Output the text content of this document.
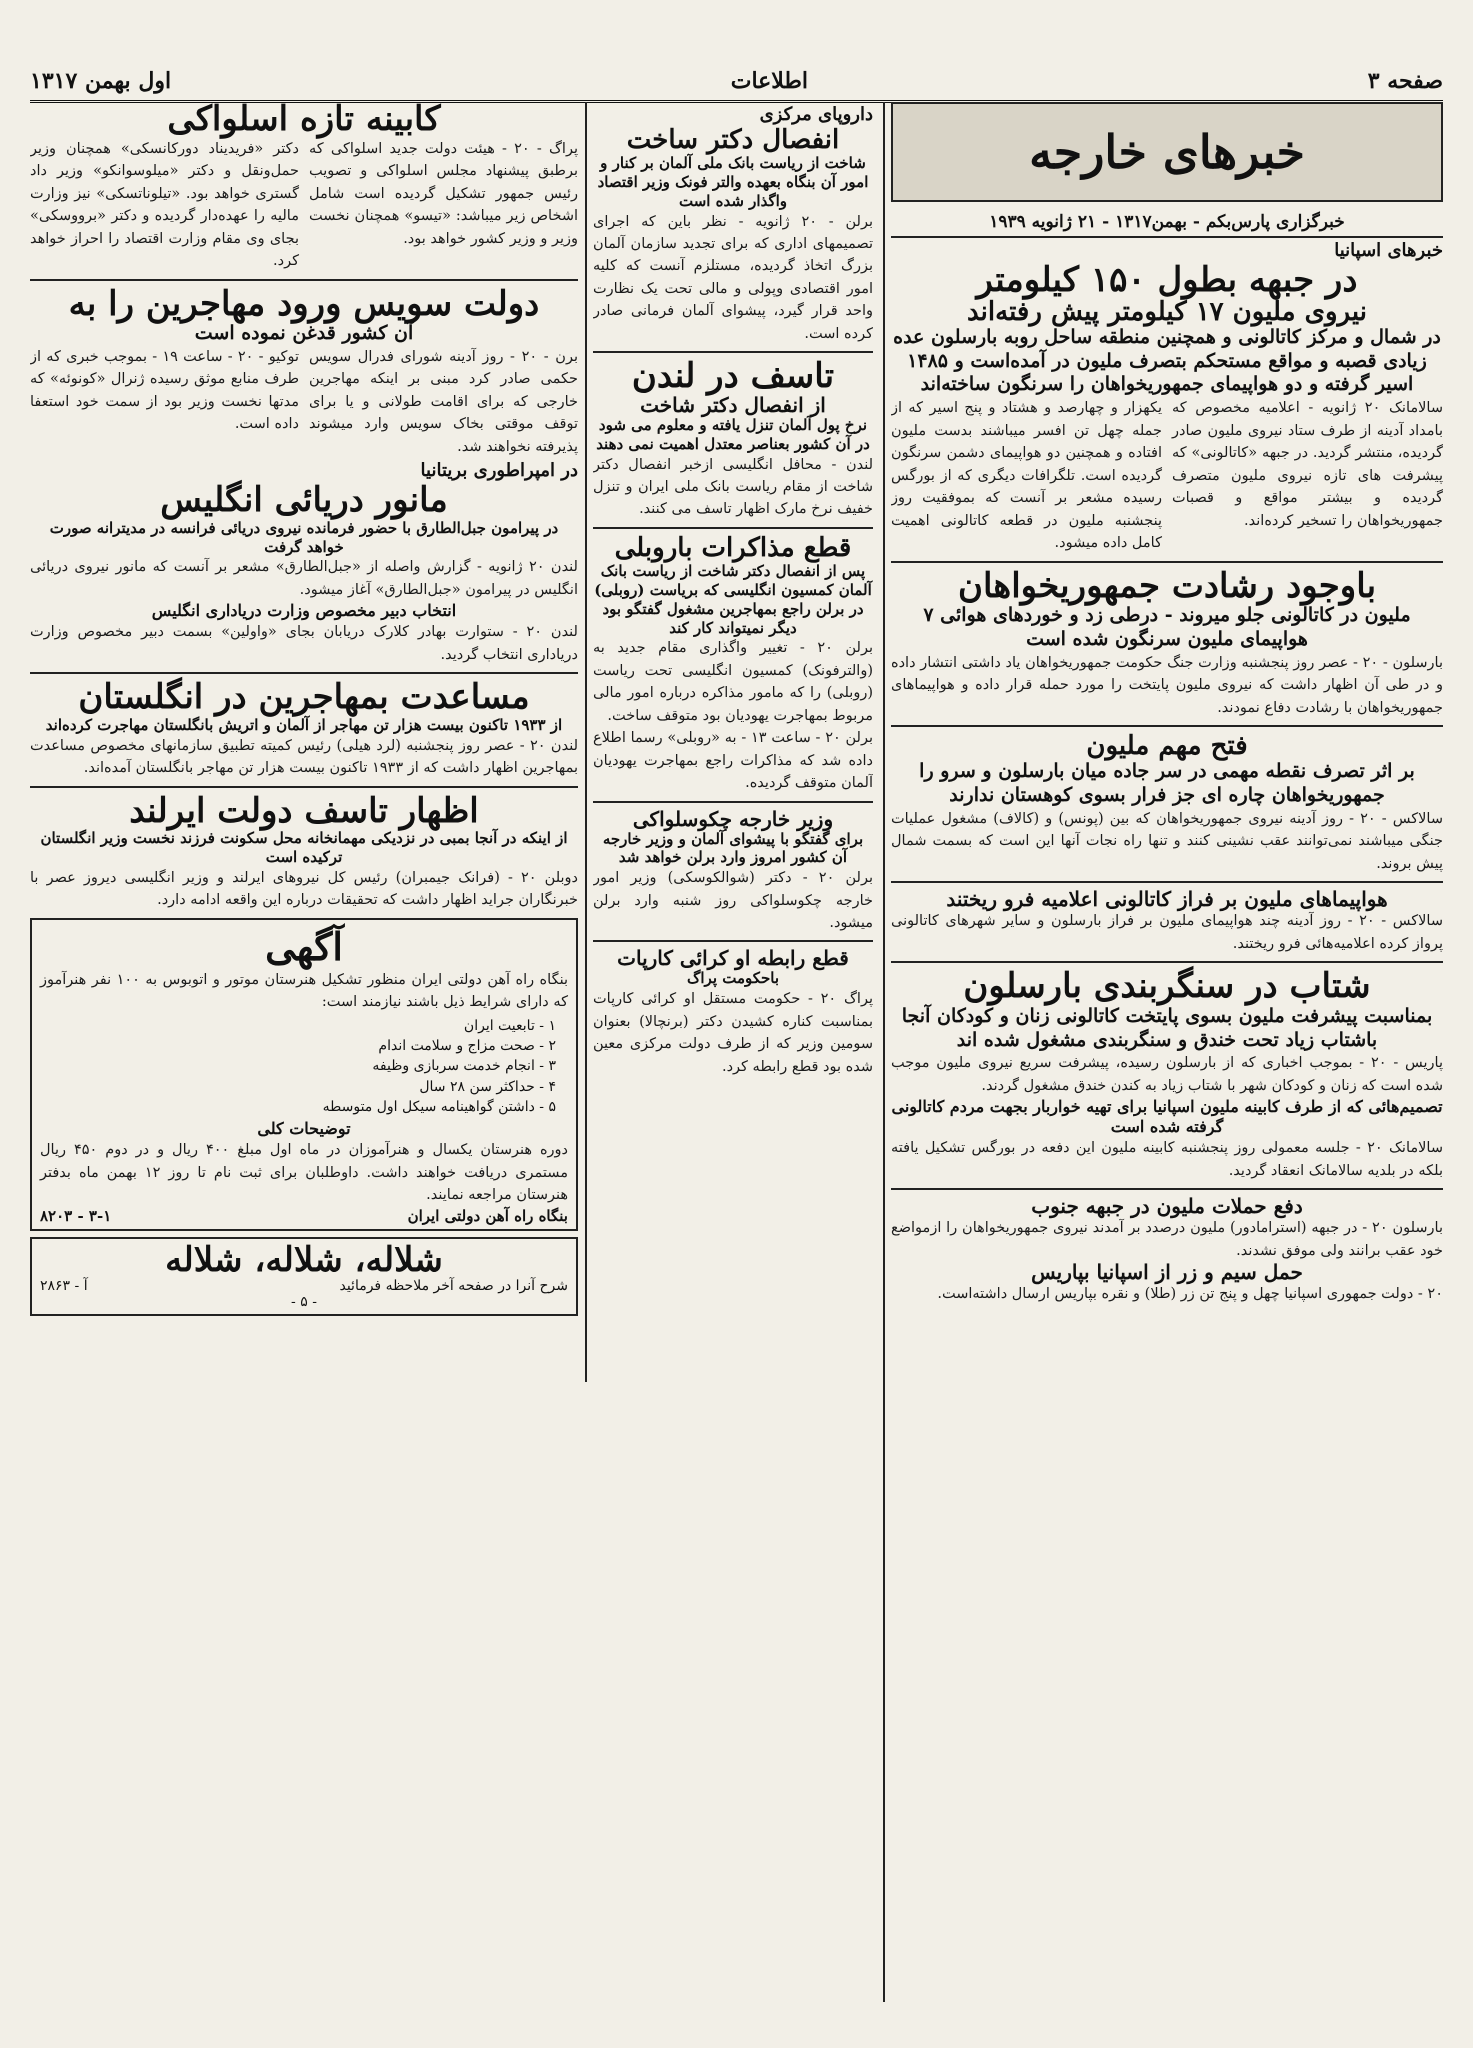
صفحه ۳
اطلاعات
اول بهمن ۱۳۱۷
خبرهای خارجه
خبرگزاری پارس‌بکم - بهمن۱۳۱۷ - ۲۱ ژانویه ۱۹۳۹
خبرهای اسپانیا
در جبهه بطول ۱۵۰ کیلومتر
نیروی ملیون ۱۷ کیلومتر پیش رفته‌اند
در شمال و مرکز کاتالونی و همچنین منطقه ساحل روبه بارسلون عده زیادی قصبه و مواقع مستحکم بتصرف ملیون در آمده‌است و ۱۴۸۵ اسیر گرفته و دو هواپیمای جمهوریخواهان را سرنگون ساخته‌اند
سالامانک ۲۰ ژانویه - اعلامیه مخصوص که بامداد آدینه از طرف ستاد نیروی ملیون صادر گردیده، منتشر گردید. در جبهه «کاتالونی» که پیشرفت های تازه نیروی ملیون متصرف گردیده و بیشتر مواقع و قصبات جمهوریخواهان را تسخیر کرده‌اند.
یکهزار و چهارصد و هشتاد و پنج اسیر که از جمله چهل تن افسر میباشند بدست ملیون افتاده و همچنین دو هواپیمای دشمن سرنگون گردیده است. تلگرافات دیگری که از بورگس رسیده مشعر بر آنست که بموفقیت روز پنجشنبه ملیون در قطعه کاتالونی اهمیت کامل داده میشود.
باوجود رشادت جمهوریخواهان
ملیون در کاتالونی جلو میروند - درطی زد و خوردهای هوائی ۷ هواپیمای ملیون سرنگون شده است
بارسلون - ۲۰ - عصر روز پنجشنبه وزارت جنگ حکومت جمهوریخواهان یاد داشتی انتشار داده و در طی آن اظهار داشت که نیروی ملیون پایتخت را مورد حمله قرار داده و هواپیماهای جمهوریخواهان با رشادت دفاع نمودند.
فتح مهم ملیون
بر اثر تصرف نقطه مهمی در سر جاده میان بارسلون و سرو را جمهوریخواهان چاره ای جز فرار بسوی کوهستان ندارند
سالاکس - ۲۰ - روز آدینه نیروی جمهوریخواهان که بین (پونس) و (کالاف) مشغول عملیات جنگی میباشند نمی‌توانند عقب نشینی کنند و تنها راه نجات آنها این است که بسمت شمال پیش بروند.
هواپیماهای ملیون بر فراز کاتالونی اعلامیه فرو ریختند
سالاکس - ۲۰ - روز آدینه چند هواپیمای ملیون بر فراز بارسلون و سایر شهرهای کاتالونی پرواز کرده اعلامیه‌هائی فرو ریختند.
شتاب در سنگربندی بارسلون
بمناسبت پیشرفت ملیون بسوی پایتخت کاتالونی زنان و کودکان آنجا باشتاب زیاد تحت خندق و سنگربندی مشغول شده اند
پاریس - ۲۰ - بموجب اخباری که از بارسلون رسیده، پیشرفت سریع نیروی ملیون موجب شده است که زنان و کودکان شهر با شتاب زیاد به کندن خندق مشغول گردند.
تصمیم‌هائی که از طرف کابینه ملیون اسپانیا برای تهیه خواربار بجهت مردم کاتالونی گرفته شده است
سالامانک ۲۰ - جلسه معمولی روز پنجشنبه کابینه ملیون این دفعه در بورگس تشکیل یافته بلکه در بلدیه سالامانک انعقاد گردید.
دفع حملات ملیون در جبهه جنوب
بارسلون ۲۰ - در جبهه (استرامادور) ملیون درصدد بر آمدند نیروی جمهوریخواهان را ازمواضع خود عقب برانند ولی موفق نشدند.
حمل سیم و زر از اسپانیا بپاریس
۲۰ - دولت جمهوری اسپانیا چهل و پنج تن زر (طلا) و نقره بپاریس ارسال داشته‌است.
دارو‌پای مرکزی
انفصال دکتر ساخت
شاخت از ریاست بانک ملی آلمان بر کنار و امور آن بنگاه بعهده والتر فونک وزیر اقتصاد واگذار شده است
برلن - ۲۰ ژانویه - نظر باین که اجرای تصمیمهای اداری که برای تجدید سازمان آلمان بزرگ اتخاذ گردیده، مستلزم آنست که کلیه امور اقتصادی وپولی و مالی تحت یک نظارت واحد قرار گیرد، پیشوای آلمان فرمانی صادر کرده است.
تاسف در لندن
از انفصال دکتر شاخت
نرخ پول آلمان تنزل یافته و معلوم می شود در آن کشور بعناصر معتدل اهمیت نمی دهند
لندن - محافل انگلیسی ازخبر انفصال دکتر شاخت از مقام ریاست بانک ملی ایران و تنزل خفیف نرخ مارک اظهار تاسف می کنند.
قطع مذاکرات باروبلی
پس از انفصال دکتر شاخت از ریاست بانک آلمان کمسیون انگلیسی که بریاست (روبلی) در برلن راجع بمهاجرین مشغول گفتگو بود دیگر نمیتواند کار کند
برلن ۲۰ - تغییر واگذاری مقام جدید به (والترفونک) کمسیون انگلیسی تحت ریاست (روبلی) را که مامور مذاکره درباره امور مالی مربوط بمهاجرت یهودیان بود متوقف ساخت.
برلن ۲۰ - ساعت ۱۳ - به «روبلی» رسما اطلاع داده شد که مذاکرات راجع بمهاجرت یهودیان آلمان متوقف گردیده.
وزیر خارجه چکوسلواکی
برای گفتگو با پیشوای آلمان و وزیر خارجه آن کشور امروز وارد برلن خواهد شد
برلن ۲۰ - دکتر (شوالکوسکی) وزیر امور خارجه چکوسلواکی روز شنبه وارد برلن میشود.
قطع رابطه او کرائی کارپات
باحکومت پراگ
پراگ ۲۰ - حکومت مستقل او کرائی کارپات بمناسبت کناره کشیدن دکتر (برنچالا) بعنوان سومین وزیر که از طرف دولت مرکزی معین شده بود قطع رابطه کرد.
کابینه تازه اسلواکی
پراگ - ۲۰ - هیئت دولت جدید اسلواکی که برطبق پیشنهاد مجلس اسلواکی و تصویب رئیس جمهور تشکیل گردیده است شامل اشخاص زیر میباشد: «تیسو» همچنان نخست وزیر و وزیر کشور خواهد بود.
دکتر «فریدیناد دورکانسکی» همچنان وزیر حمل‌ونقل و دکتر «میلوسوانکو» وزیر داد گستری خواهد بود. «تیلوناتسکی» نیز وزارت مالیه را عهده‌دار گردیده و دکتر «برووسکی» بجای وی مقام وزارت اقتصاد را احراز خواهد کرد.
دولت سویس ورود مهاجرین را به
آن کشور قدغن نموده است
برن - ۲۰ - روز آدینه شورای فدرال سویس حکمی صادر کرد مبنی بر اینکه مهاجرین خارجی که برای اقامت طولانی و یا برای توقف موقتی بخاک سویس وارد میشوند پذیرفته نخواهند شد.
توکیو - ۲۰ - ساعت ۱۹ - بموجب خبری که از طرف منابع موثق رسیده ژنرال «کونوئه» که مدتها نخست وزیر بود از سمت خود استعفا داده است.
در امپراطوری بریتانیا
مانور دریائی انگلیس
در پیرامون جبل‌الطارق با حضور فرمانده نیروی دریائی فرانسه در مدیترانه صورت خواهد گرفت
لندن ۲۰ ژانویه - گزارش واصله از «جبل‌الطارق» مشعر بر آنست که مانور نیروی دریائی انگلیس در پیرامون «جبل‌الطارق» آغاز میشود.
انتخاب دبیر مخصوص وزارت دریاداری انگلیس
لندن ۲۰ - ستوارت بهادر کلارک دریابان بجای «واولین» بسمت دبیر مخصوص وزارت دریاداری انتخاب گردید.
مساعدت بمهاجرین در انگلستان
از ۱۹۳۳ تاکنون بیست هزار تن مهاجر از آلمان و اتریش بانگلستان مهاجرت کرده‌اند
لندن ۲۰ - عصر روز پنجشنبه (لرد هیلی) رئیس کمیته تطبیق سازمانهای مخصوص مساعدت بمهاجرین اظهار داشت که از ۱۹۳۳ تاکنون بیست هزار تن مهاجر بانگلستان آمده‌اند.
اظهار تاسف دولت ایرلند
از اینکه در آنجا بمبی در نزدیکی مهمانخانه محل سکونت فرزند نخست وزیر انگلستان ترکیده است
دوبلن ۲۰ - (فرانک جیمبران) رئیس کل نیروهای ایرلند و وزیر انگلیسی دیروز عصر با خبرنگاران جراید اظهار داشت که تحقیقات درباره این واقعه ادامه دارد.
آگهی
بنگاه راه آهن دولتی ایران منظور تشکیل هنرستان موتور و اتوبوس به ۱۰۰ نفر هنرآموز که دارای شرایط ذیل باشند نیازمند است:
۱ - تابعیت ایران
۲ - صحت مزاج و سلامت اندام
۳ - انجام خدمت سربازی وظیفه
۴ - حداکثر سن ۲۸ سال
۵ - داشتن گواهینامه سیکل اول متوسطه
توضیحات کلی
دوره هنرستان یکسال و هنرآموزان در ماه اول مبلغ ۴۰۰ ریال و در دوم ۴۵۰ ریال مستمری دریافت خواهند داشت. داوطلبان برای ثبت نام تا روز ۱۲ بهمن ماه بدفتر هنرستان مراجعه نمایند.
بنگاه راه آهن دولتی ایران
۳-۱ - ۸۲۰۳
شلاله، شلاله، شلاله
شرح آنرا در صفحه آخر ملاحظه فرمائید
آ - ۲۸۶۳
- ۵ -
